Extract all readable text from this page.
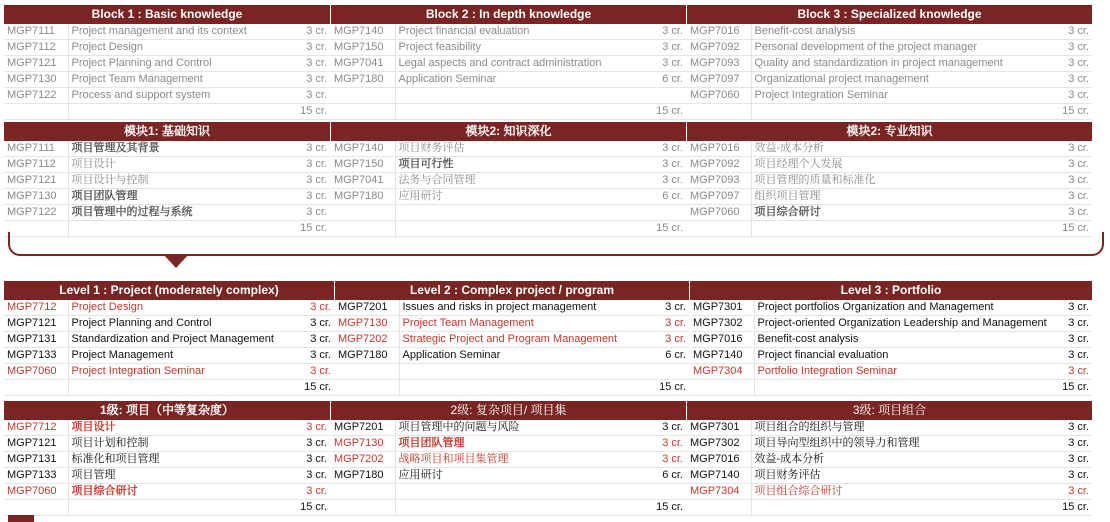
Block 1 : Basic knowledge
MGP7111	Project management and its context	3 cr.
MGP7112	Project Design	3 cr.
MGP7121	Project Planning and Control	3 cr.
MGP7130	Project Team Management	3 cr.
MGP7122	Process and support system	3 cr.
		15 cr.
Block 2 : In depth knowledge
MGP7140	Project financial evaluation	3 cr.
MGP7150	Project feasibility	3 cr.
MGP7041	Legal aspects and contract administration	3 cr.
MGP7180	Application Seminar	6 cr.

		15 cr.
Block 3 : Specialized knowledge
MGP7016	Benefit-cost analysis	3 cr.
MGP7092	Personal development of the project manager	3 cr.
MGP7093	Quality and standardization in project management	3 cr.
MGP7097	Organizational project management	3 cr.
MGP7060	Project Integration Seminar	3 cr.
		15 cr.
模块1: 基础知识
MGP7111	项目管理及其背景	3 cr.
MGP7112	项目设计	3 cr.
MGP7121	项目设计与控制	3 cr.
MGP7130	项目团队管理	3 cr.
MGP7122	项目管理中的过程与系统	3 cr.
		15 cr.
模块2: 知识深化
MGP7140	项目财务评估	3 cr.
MGP7150	项目可行性	3 cr.
MGP7041	法务与合同管理	3 cr.
MGP7180	应用研讨	6 cr.

		15 cr.
模块2: 专业知识
MGP7016	效益-成本分析	3 cr.
MGP7092	项目经理个人发展	3 cr.
MGP7093	项目管理的质量和标准化	3 cr.
MGP7097	组织项目管理	3 cr.
MGP7060	项目综合研讨	3 cr.
		15 cr.
Level 1 : Project (moderately complex)
MGP7712	Project Design	3 cr.
MGP7121	Project Planning and Control	3 cr.
MGP7131	Standardization and Project Management	3 cr.
MGP7133	Project Management	3 cr.
MGP7060	Project Integration Seminar	3 cr.
		15 cr.
Level 2 : Complex project / program
MGP7201	Issues and risks in project management	3 cr.
MGP7130	Project Team Management	3 cr.
MGP7202	Strategic Project and Program Management	3 cr.
MGP7180	Application Seminar	6 cr.

		15 cr.
Level 3 : Portfolio
MGP7301	Project portfolios Organization and Management	3 cr.
MGP7302	Project-oriented Organization Leadership and Management	3 cr.
MGP7016	Benefit-cost analysis	3 cr.
MGP7140	Project financial evaluation	3 cr.
MGP7304	Portfolio Integration Seminar	3 cr.
		15 cr.
1级: 项目（中等复杂度）
MGP7712	项目设计	3 cr.
MGP7121	项目计划和控制	3 cr.
MGP7131	标准化和项目管理	3 cr.
MGP7133	项目管理	3 cr.
MGP7060	项目综合研讨	3 cr.
		15 cr.
2级: 复杂项目/ 项目集
MGP7201	项目管理中的问题与风险	3 cr.
MGP7130	项目团队管理	3 cr.
MGP7202	战略项目和项目集管理	3 cr.
MGP7180	应用研讨	6 cr.

		15 cr.
3级: 项目组合
MGP7301	项目组合的组织与管理	3 cr.
MGP7302	项目导向型组织中的领导力和管理	3 cr.
MGP7016	效益-成本分析	3 cr.
MGP7140	项目财务评估	3 cr.
MGP7304	项目组合综合研讨	3 cr.
		15 cr.
